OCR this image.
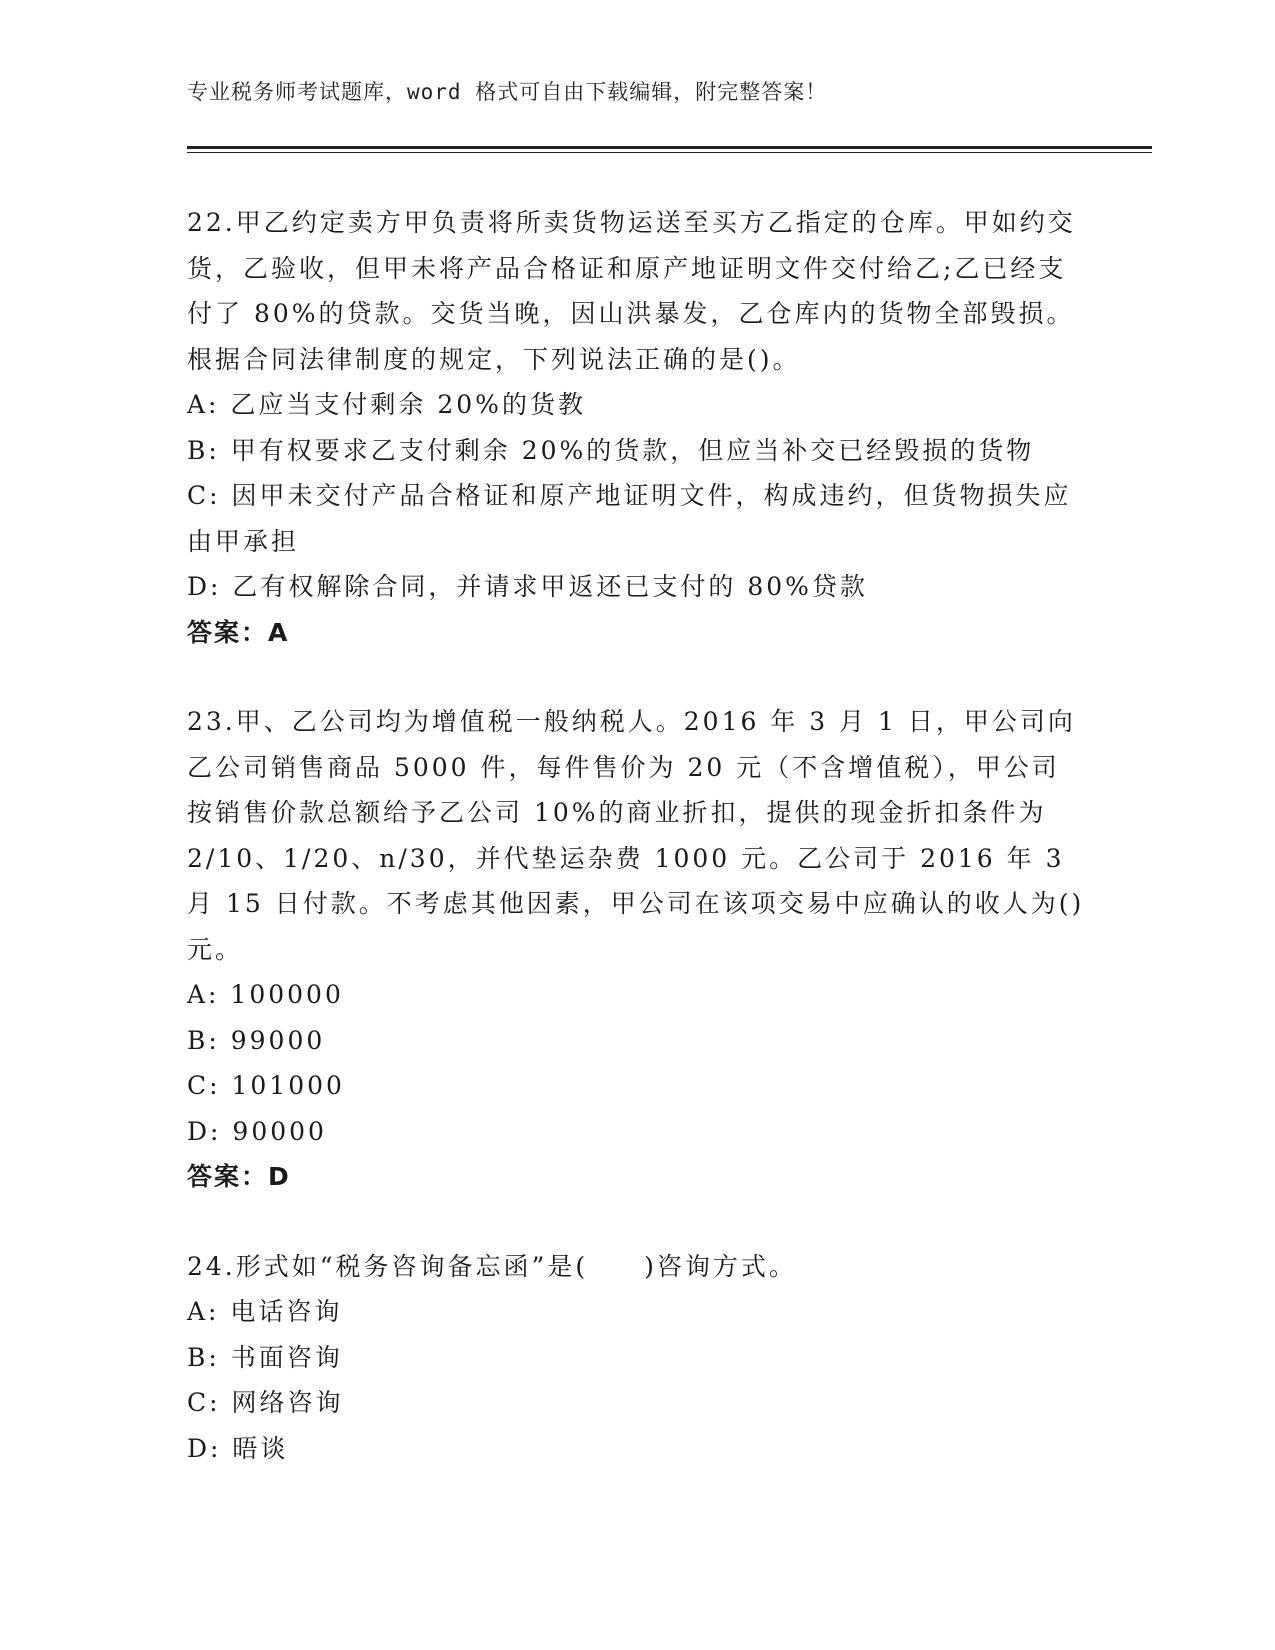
专业税务师考试题库，word 格式可自由下载编辑，附完整答案！

22.甲乙约定卖方甲负责将所卖货物运送至买方乙指定的仓库。甲如约交货，乙验收，但甲未将产品合格证和原产地证明文件交付给乙;乙已经支付了 80%的贷款。交货当晚，因山洪暴发，乙仓库内的货物全部毁损。根据合同法律制度的规定，下列说法正确的是()。

A: 乙应当支付剩余 20%的货教

B: 甲有权要求乙支付剩余 20%的货款，但应当补交已经毁损的货物

C: 因甲未交付产品合格证和原产地证明文件，构成违约，但货物损失应由甲承担

D: 乙有权解除合同，并请求甲返还已支付的 80%贷款

答案：A

23.甲、乙公司均为增值税一般纳税人。2016 年 3 月 1 日，甲公司向乙公司销售商品 5000 件，每件售价为 20 元（不含增值税），甲公司按销售价款总额给予乙公司 10%的商业折扣，提供的现金折扣条件为 2/10、1/20、n/30，并代垫运杂费 1000 元。乙公司于 2016 年 3 月 15 日付款。不考虑其他因素，甲公司在该项交易中应确认的收人为()元。

A: 100000

B: 99000

C: 101000

D: 90000

答案：D

24.形式如“税务咨询备忘函”是(　　)咨询方式。

A: 电话咨询

B: 书面咨询

C: 网络咨询

D: 晤谈
